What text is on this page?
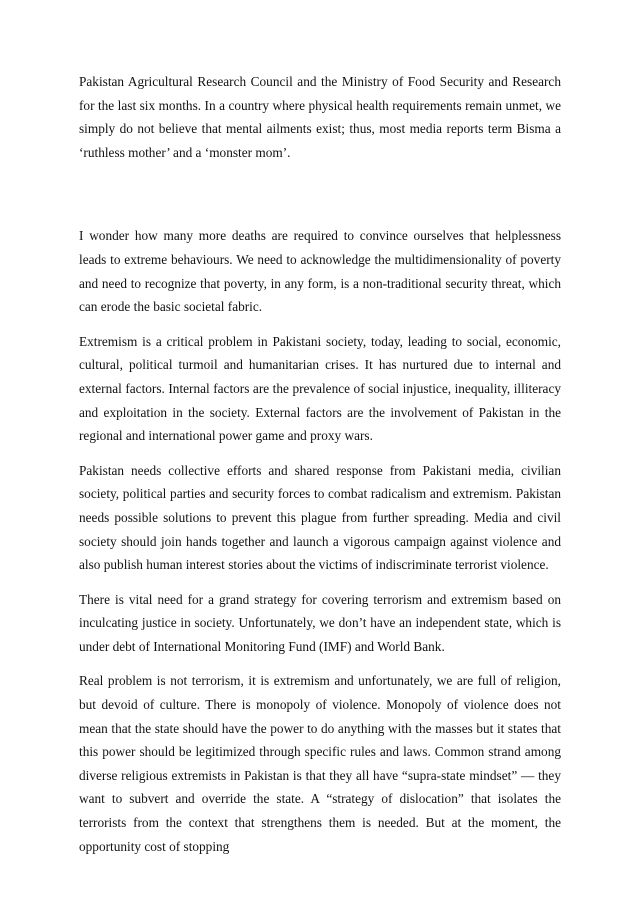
Pakistan Agricultural Research Council and the Ministry of Food Security and Research for the last six months. In a country where physical health requirements remain unmet, we simply do not believe that mental ailments exist; thus, most media reports term Bisma a ‘ruthless mother’ and a ‘monster mom’.

I wonder how many more deaths are required to convince ourselves that helplessness leads to extreme behaviours. We need to acknowledge the multidimensionality of poverty and need to recognize that poverty, in any form, is a non-traditional security threat, which can erode the basic societal fabric.

Extremism is a critical problem in Pakistani society, today, leading to social, economic, cultural, political turmoil and humanitarian crises. It has nurtured due to internal and external factors. Internal factors are the prevalence of social injustice, inequality, illiteracy and exploitation in the society. External factors are the involvement of Pakistan in the regional and international power game and proxy wars.

Pakistan needs collective efforts and shared response from Pakistani media, civilian society, political parties and security forces to combat radicalism and extremism. Pakistan needs possible solutions to prevent this plague from further spreading. Media and civil society should join hands together and launch a vigorous campaign against violence and also publish human interest stories about the victims of indiscriminate terrorist violence.

There is vital need for a grand strategy for covering terrorism and extremism based on inculcating justice in society. Unfortunately, we don’t have an independent state, which is under debt of International Monitoring Fund (IMF) and World Bank.

Real problem is not terrorism, it is extremism and unfortunately, we are full of religion, but devoid of culture. There is monopoly of violence. Monopoly of violence does not mean that the state should have the power to do anything with the masses but it states that this power should be legitimized through specific rules and laws. Common strand among diverse religious extremists in Pakistan is that they all have “supra-state mindset” — they want to subvert and override the state. A “strategy of dislocation” that isolates the terrorists from the context that strengthens them is needed. But at the moment, the opportunity cost of stopping
